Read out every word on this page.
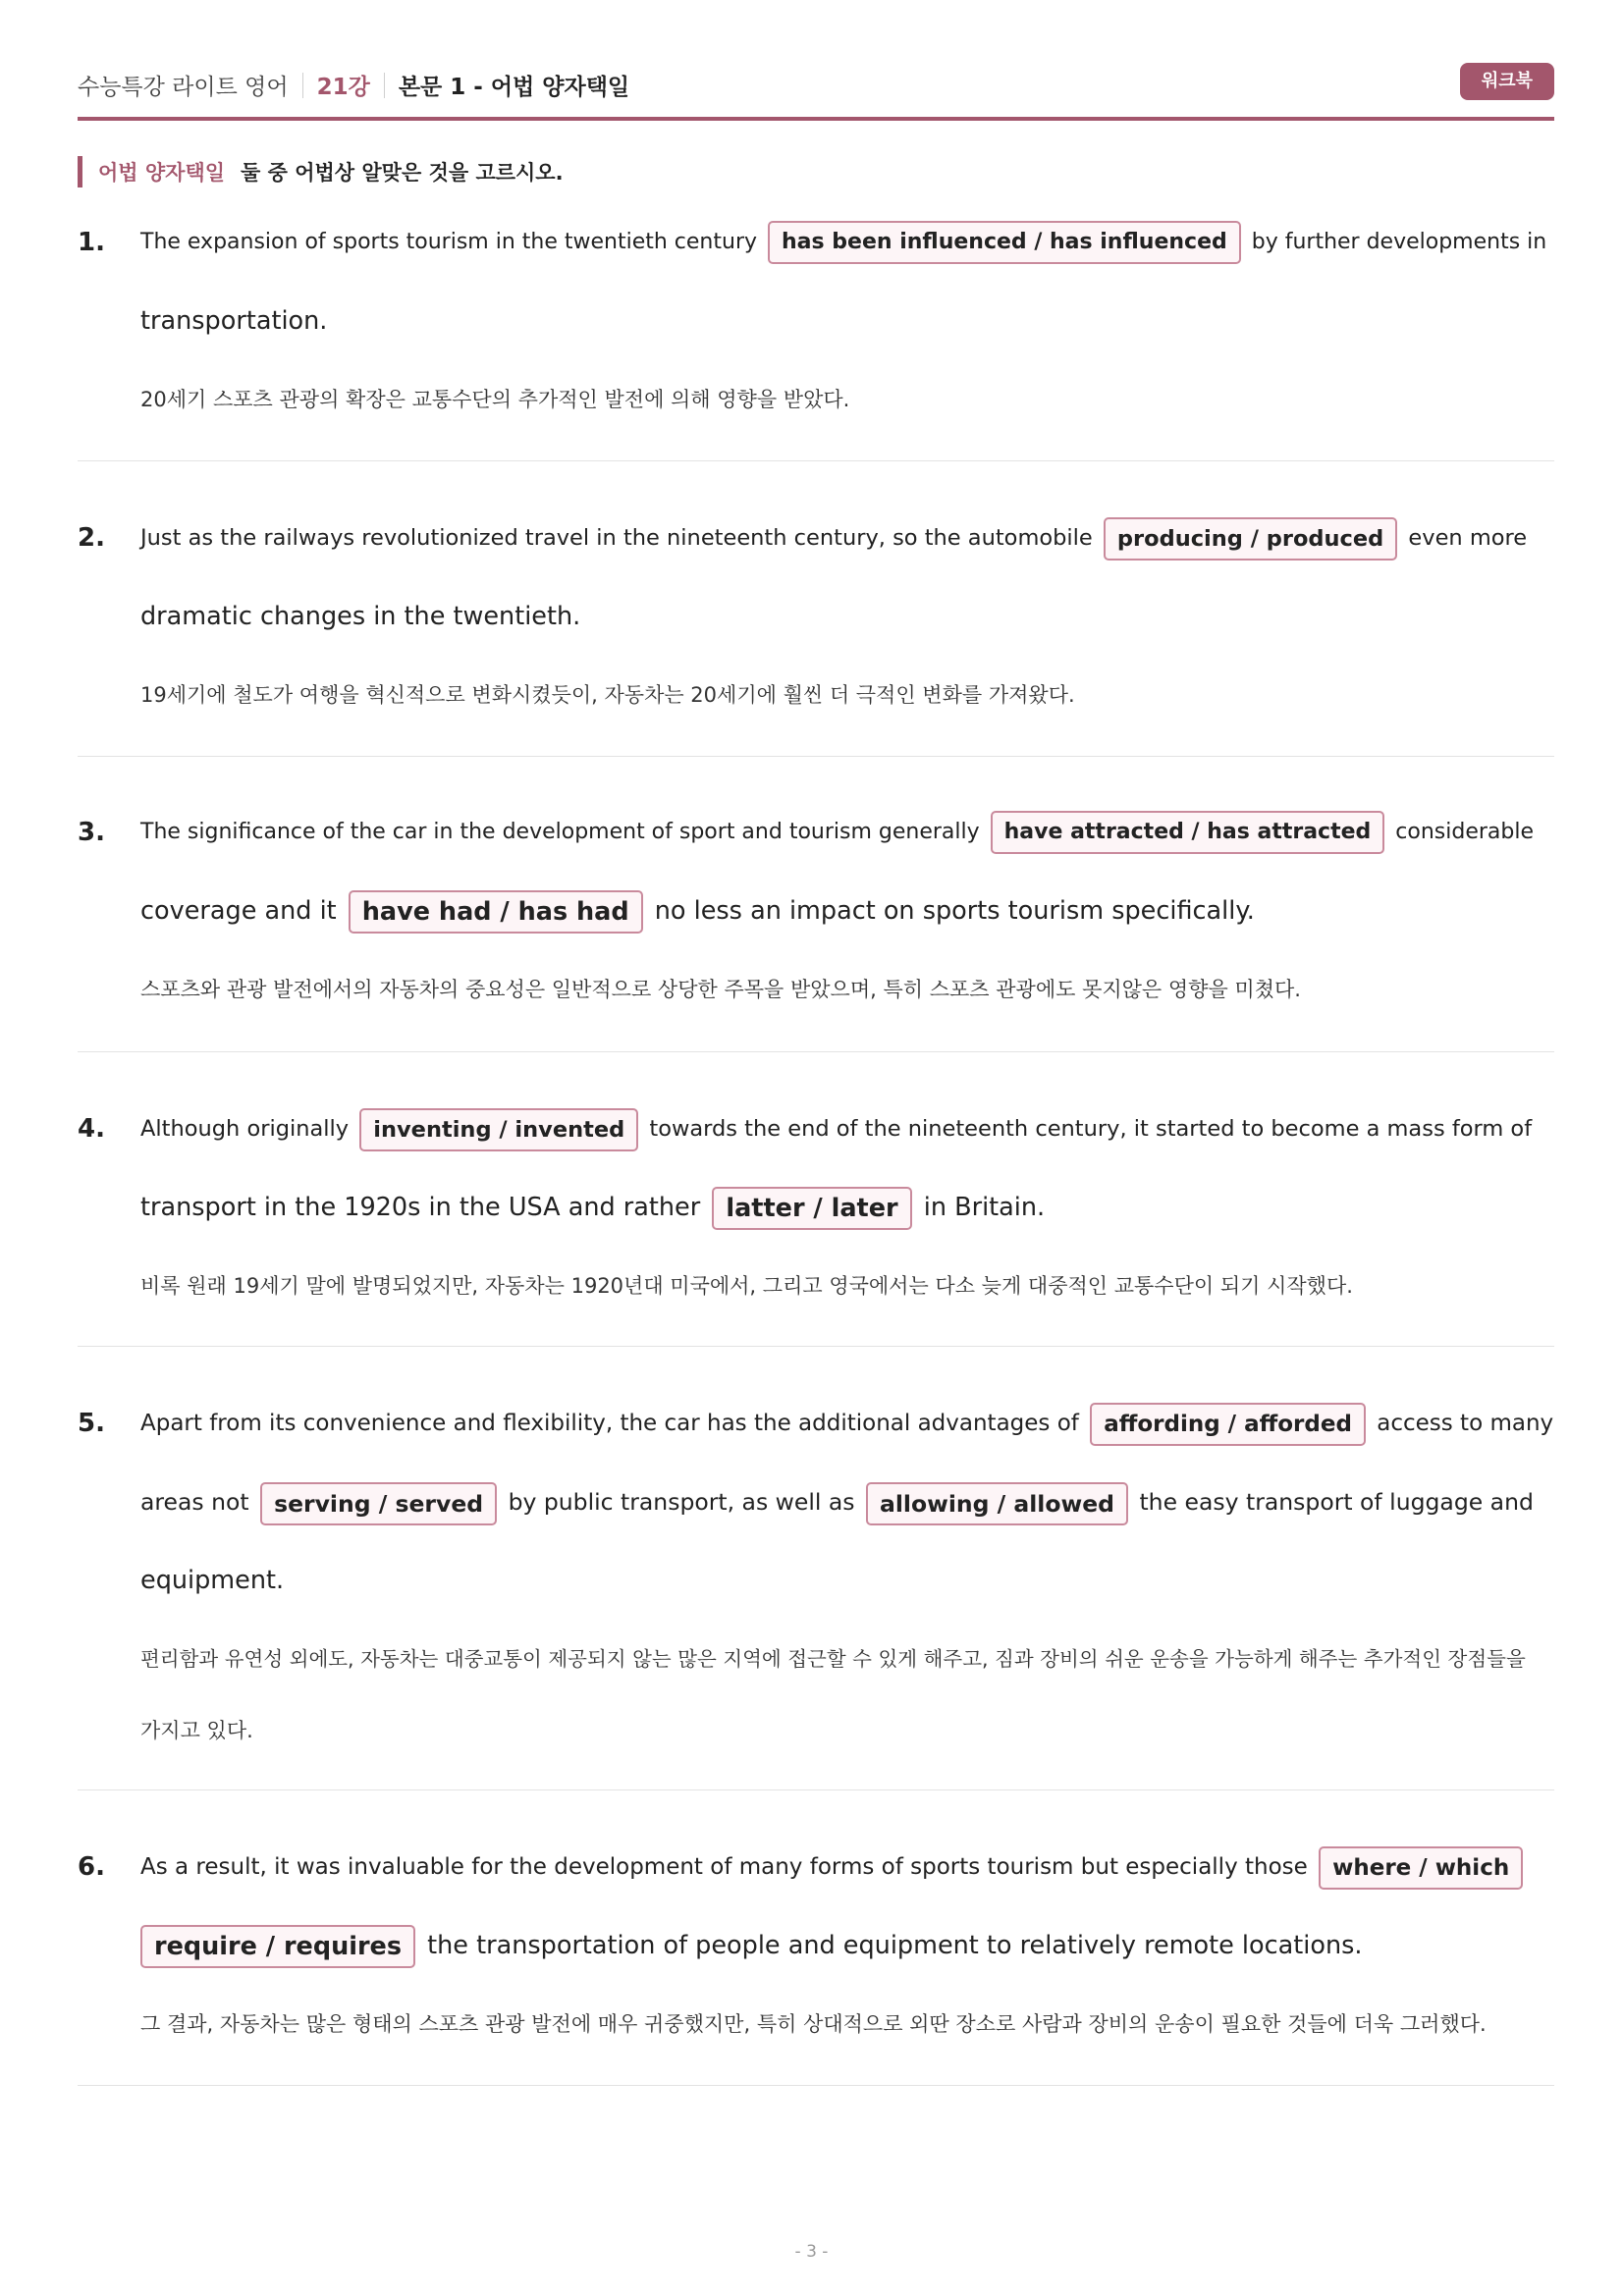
수능특강 라이트 영어 21강 본문 1 - 어법 양자택일	워크북
어법 양자택일 둘 중 어법상 알맞은 것을 고르시오.
1. The expansion of sports tourism in the twentieth century has been influenced / has influenced by further developments in
transportation.
20세기 스포츠 관광의 확장은 교통수단의 추가적인 발전에 의해 영향을 받았다.
2. Just as the railways revolutionized travel in the nineteenth century, so the automobile producing / produced even more
dramatic changes in the twentieth.
19세기에 철도가 여행을 혁신적으로 변화시켰듯이, 자동차는 20세기에 훨씬 더 극적인 변화를 가져왔다.
3. The significance of the car in the development of sport and tourism generally have attracted / has attracted considerable
coverage and it have had / has had no less an impact on sports tourism specifically.
스포츠와 관광 발전에서의 자동차의 중요성은 일반적으로 상당한 주목을 받았으며, 특히 스포츠 관광에도 못지않은 영향을 미쳤다.
4. Although originally inventing / invented towards the end of the nineteenth century, it started to become a mass form of
transport in the 1920s in the USA and rather latter / later in Britain.
비록 원래 19세기 말에 발명되었지만, 자동차는 1920년대 미국에서, 그리고 영국에서는 다소 늦게 대중적인 교통수단이 되기 시작했다.
5. Apart from its convenience and flexibility, the car has the additional advantages of affording / afforded access to many
areas not serving / served by public transport, as well as allowing / allowed the easy transport of luggage and
equipment.
편리함과 유연성 외에도, 자동차는 대중교통이 제공되지 않는 많은 지역에 접근할 수 있게 해주고, 짐과 장비의 쉬운 운송을 가능하게 해주는 추가적인 장점들을
가지고 있다.
6. As a result, it was invaluable for the development of many forms of sports tourism but especially those where / which
require / requires the transportation of people and equipment to relatively remote locations.
그 결과, 자동차는 많은 형태의 스포츠 관광 발전에 매우 귀중했지만, 특히 상대적으로 외딴 장소로 사람과 장비의 운송이 필요한 것들에 더욱 그러했다.
- 3 -
